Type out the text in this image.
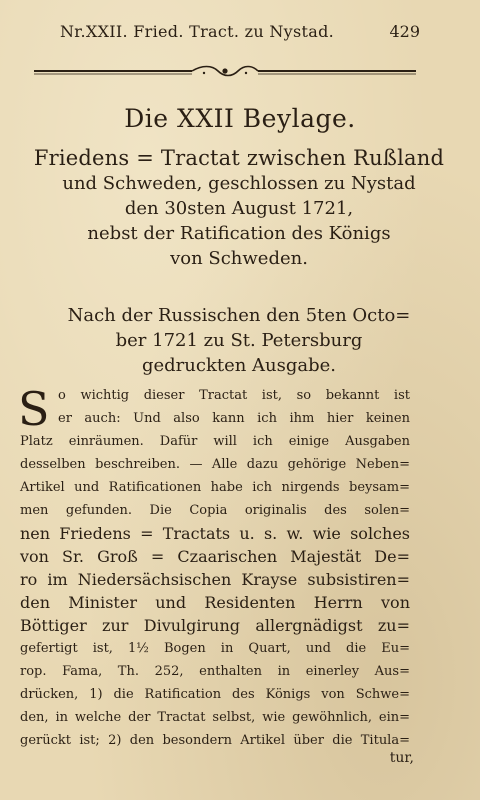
Nr.XXII. Fried. Tract. zu Nystad.	429
Die XXII Beylage.
Friedens = Tractat zwischen Rußland
und Schweden, geschlossen zu Nystad
den 30sten August 1721,
nebst der Ratification des Königs
von Schweden.
Nach der Russischen den 5ten Octo=
ber 1721 zu St. Petersburg
gedruckten Ausgabe.
S o wichtig dieser Tractat ist, so bekannt ist
er auch: Und also kann ich ihm hier keinen
Platz einräumen. Dafür will ich einige Ausgaben
desselben beschreiben. — Alle dazu gehörige Neben=
Artikel und Ratificationen habe ich nirgends beysam=
men gefunden. Die Copia originalis des solen=
nen Friedens = Tractats u. s. w. wie solches
von Sr. Groß = Czaarischen Majestät De=
ro im Niedersächsischen Krayse subsistiren=
den Minister und Residenten Herrn von
Böttiger zur Divulgirung allergnädigst zu=
gefertigt ist, 1½ Bogen in Quart, und die Eu=
rop. Fama, Th. 252, enthalten in einerley Aus=
drücken, 1) die Ratification des Königs von Schwe=
den, in welche der Tractat selbst, wie gewöhnlich, ein=
gerückt ist; 2) den besondern Artikel über die Titula=
tur,
